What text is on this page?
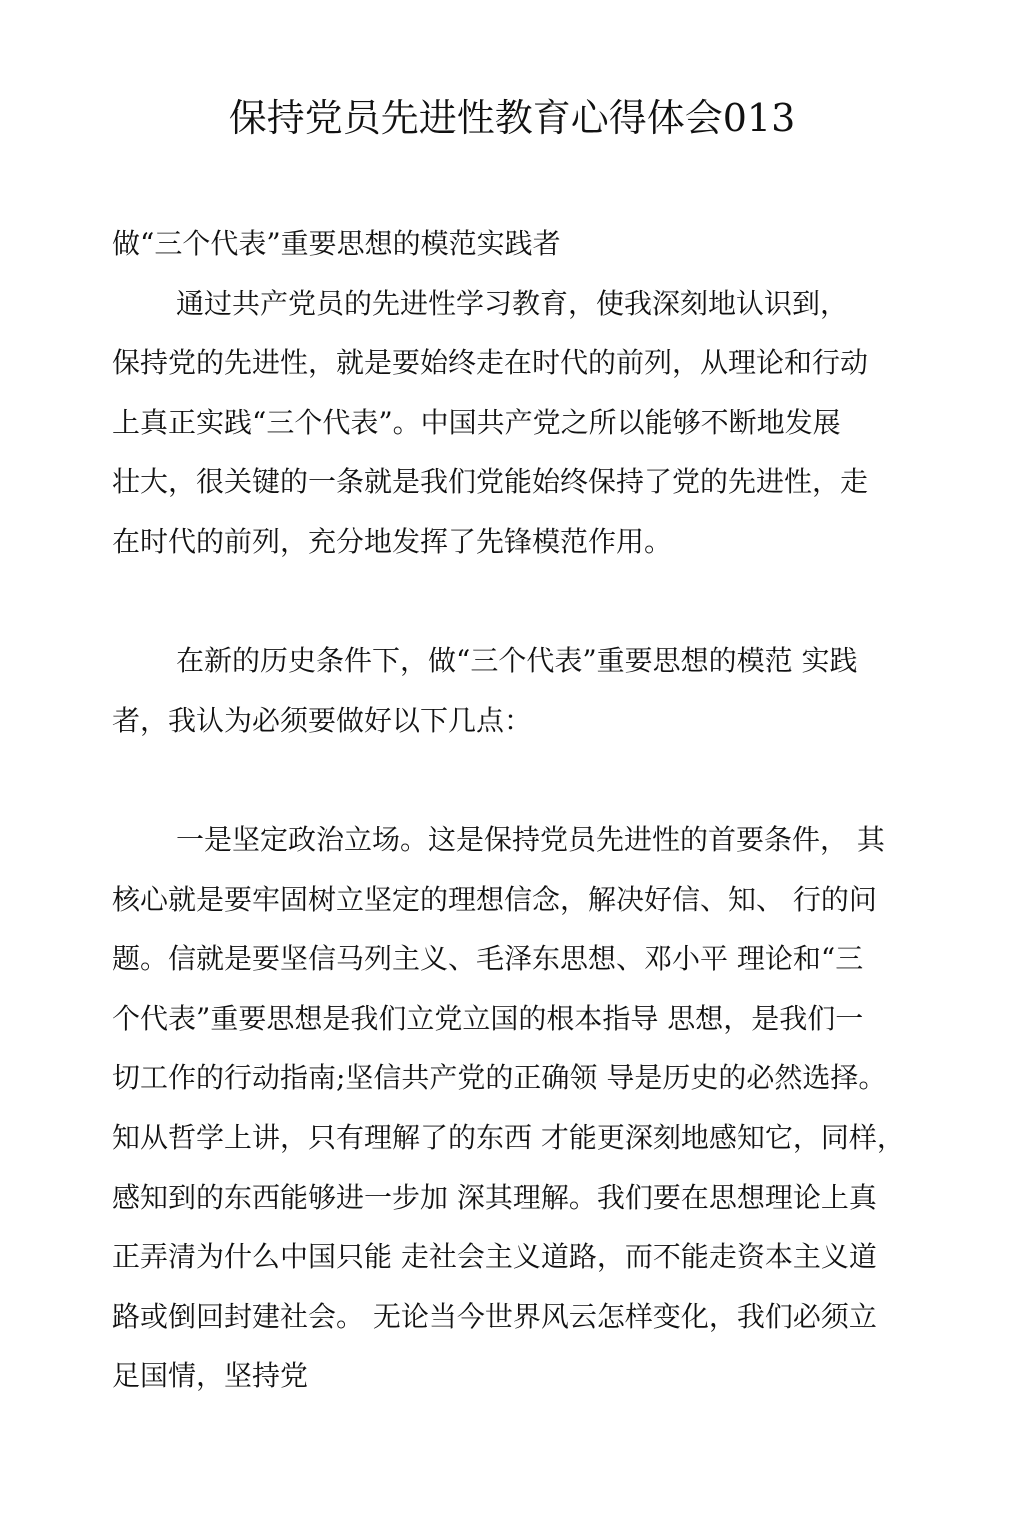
保持党员先进性教育心得体会013
做“三个代表”重要思想的模范实践者
通过共产党员的先进性学习教育，使我深刻地认识到，
保持党的先进性，就是要始终走在时代的前列，从理论和行动
上真正实践“三个代表”。中国共产党之所以能够不断地发展
壮大，很关键的一条就是我们党能始终保持了党的先进性，走
在时代的前列，充分地发挥了先锋模范作用。
在新的历史条件下，做“三个代表”重要思想的模范 实践
者，我认为必须要做好以下几点：
一是坚定政治立场。这是保持党员先进性的首要条件， 其
核心就是要牢固树立坚定的理想信念，解决好信、知、 行的问
题。信就是要坚信马列主义、毛泽东思想、邓小平 理论和“三
个代表”重要思想是我们立党立国的根本指导 思想，是我们一
切工作的行动指南;坚信共产党的正确领 导是历史的必然选择。
知从哲学上讲，只有理解了的东西 才能更深刻地感知它，同样，
感知到的东西能够进一步加 深其理解。我们要在思想理论上真
正弄清为什么中国只能 走社会主义道路，而不能走资本主义道
路或倒回封建社会。 无论当今世界风云怎样变化，我们必须立
足国情，坚持党
